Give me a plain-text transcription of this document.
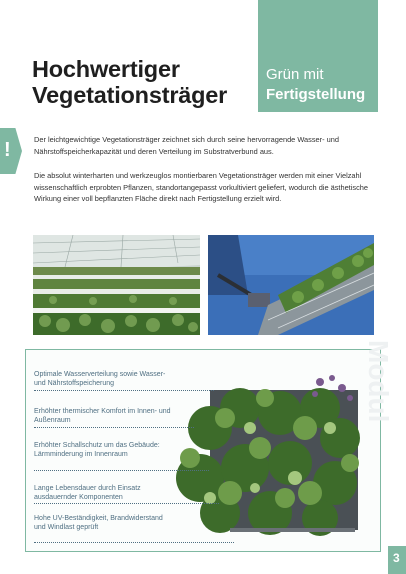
Grün mit
Fertigstellung
Hochwertiger
Vegetationsträger
!	Der leichtgewichtige Vegetationsträger zeichnet sich durch seine hervorragende Wasser- und Nährstoffspeicherkapazität und deren Verteilung im Substratverbund aus.
Die absolut winterharten und werkzeuglos montierbaren Vegetationsträger werden mit einer Vielzahl wissenschaftlich erprobten Pflanzen, standortangepasst vorkultiviert geliefert, wodurch die ästhetische Wirkung einer voll bepflanzten Fläche direkt nach Fertigstellung erzielt wird.
Modul
Optimale Wasserverteilung sowie Wasser- und Nährstoffspeicherung
Erhöhter thermischer Komfort im Innen- und Außenraum
Erhöhter Schallschutz um das Gebäude: Lärmminderung im Innenraum
Lange Lebensdauer durch Einsatz ausdauernder Komponenten
Hohe UV-Beständigkeit, Brandwiderstand und Windlast geprüft
3
